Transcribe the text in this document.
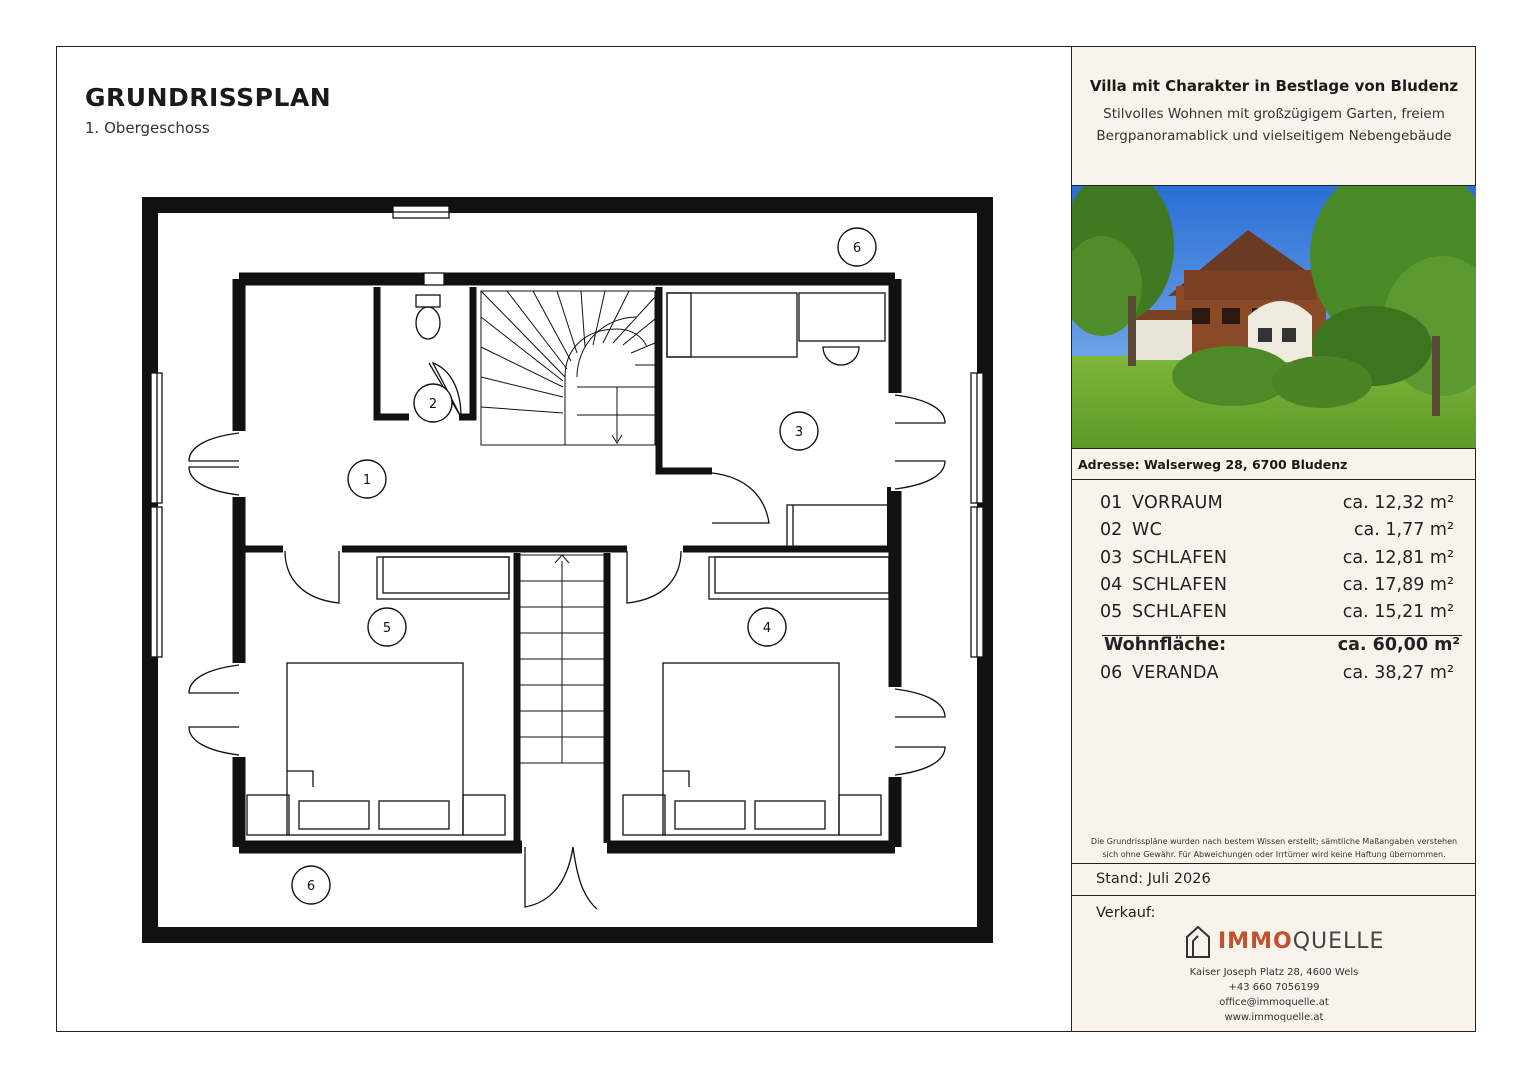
GRUNDRISSPLAN
1. Obergeschoss
1
2
3
4
5
6
6
Villa mit Charakter in Bestlage von Bludenz
Stilvolles Wohnen mit großzügigem Garten, freiem
Bergpanoramablick und vielseitigem Nebengebäude
Adresse: Walserweg 28, 6700 Bludenz
01 VORRAUM	ca. 12,32 m²
02 WC	ca. 1,77 m²
03 SCHLAFEN	ca. 12,81 m²
04 SCHLAFEN	ca. 17,89 m²
05 SCHLAFEN	ca. 15,21 m²
Wohnfläche:	ca. 60,00 m²
06 VERANDA	ca. 38,27 m²
Die Grundrisspläne wurden nach bestem Wissen erstellt; sämtliche Maßangaben verstehen
sich ohne Gewähr. Für Abweichungen oder Irrtümer wird keine Haftung übernommen.
Stand: Juli 2026
Verkauf:
IMMOQUELLE
Kaiser Joseph Platz 28, 4600 Wels
+43 660 7056199
office@immoquelle.at
www.immoquelle.at
